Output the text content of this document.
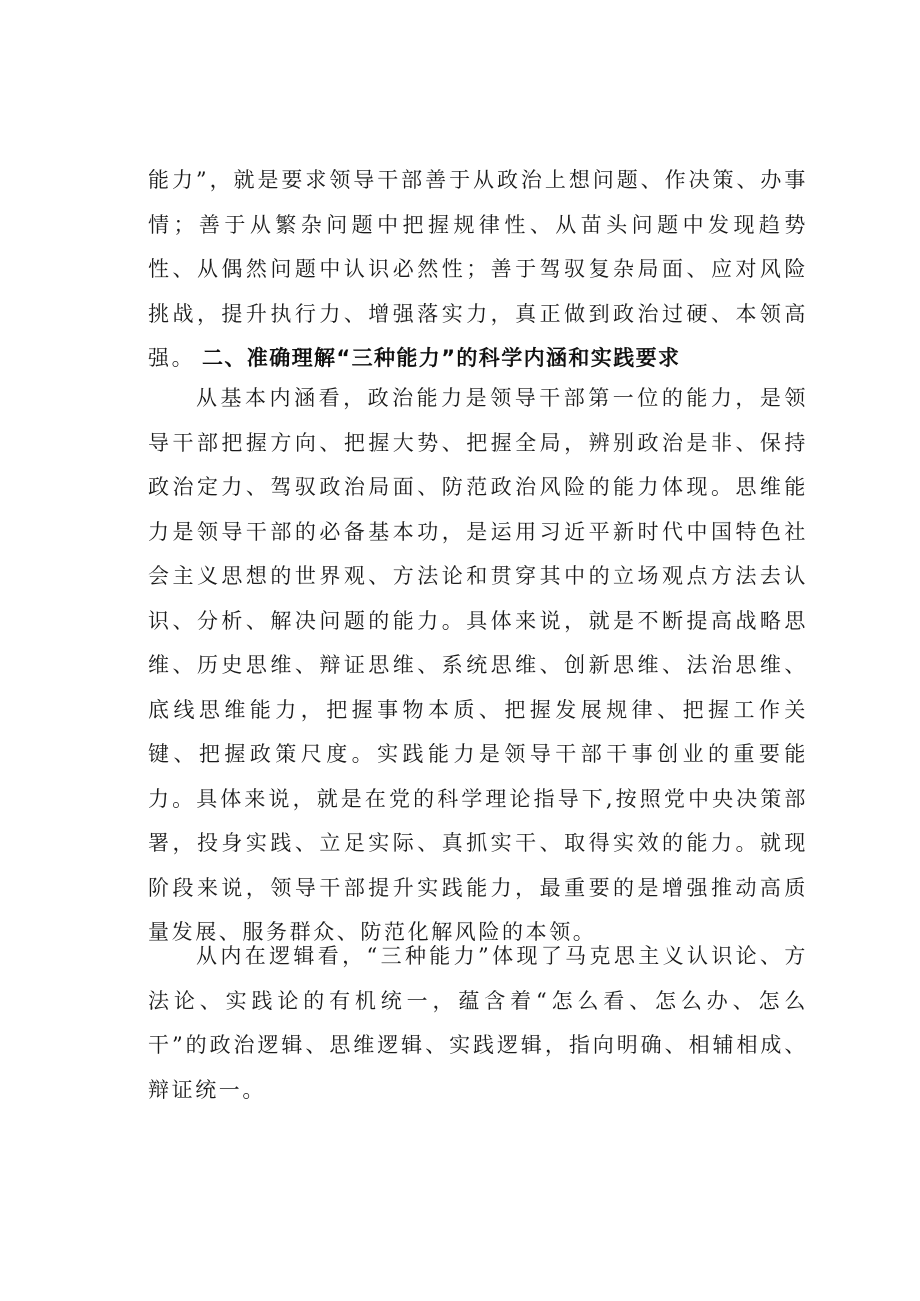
能力”，就是要求领导干部善于从政治上想问题、作决策、办事情；善于从繁杂问题中把握规律性、从苗头问题中发现趋势性、从偶然问题中认识必然性；善于驾驭复杂局面、应对风险挑战，提升执行力、增强落实力，真正做到政治过硬、本领高强。 二、准确理解“三种能力”的科学内涵和实践要求

从基本内涵看，政治能力是领导干部第一位的能力，是领导干部把握方向、把握大势、把握全局，辨别政治是非、保持政治定力、驾驭政治局面、防范政治风险的能力体现。思维能力是领导干部的必备基本功，是运用习近平新时代中国特色社会主义思想的世界观、方法论和贯穿其中的立场观点方法去认识、分析、解决问题的能力。具体来说，就是不断提高战略思维、历史思维、辩证思维、系统思维、创新思维、法治思维、底线思维能力，把握事物本质、把握发展规律、把握工作关键、把握政策尺度。实践能力是领导干部干事创业的重要能力。具体来说，就是在党的科学理论指导下,按照党中央决策部署，投身实践、立足实际、真抓实干、取得实效的能力。就现阶段来说，领导干部提升实践能力，最重要的是增强推动高质量发展、服务群众、防范化解风险的本领。

从内在逻辑看，“三种能力”体现了马克思主义认识论、方法论、实践论的有机统一，蕴含着“怎么看、怎么办、怎么干”的政治逻辑、思维逻辑、实践逻辑，指向明确、相辅相成、辩证统一。
